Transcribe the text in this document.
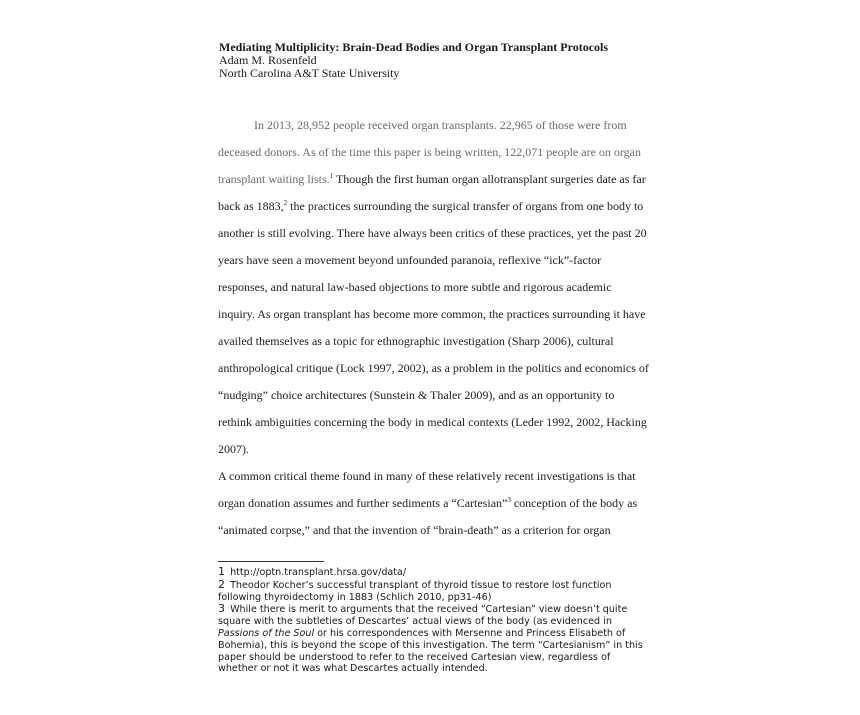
Mediating Multiplicity: Brain-Dead Bodies and Organ Transplant Protocols
Adam M. Rosenfeld
North Carolina A&T State University
In 2013, 28,952 people received organ transplants. 22,965 of those were from
deceased donors. As of the time this paper is being written, 122,071 people are on organ
transplant waiting lists.$^1$ Though the first human organ allotransplant surgeries date as far
back as 1883,$^2$ the practices surrounding the surgical transfer of organs from one body to
another is still evolving. There have always been critics of these practices, yet the past 20
years have seen a movement beyond unfounded paranoia, reflexive “ick”-factor
responses, and natural law-based objections to more subtle and rigorous academic
inquiry. As organ transplant has become more common, the practices surrounding it have
availed themselves as a topic for ethnographic investigation (Sharp 2006), cultural
anthropological critique (Lock 1997, 2002), as a problem in the politics and economics of
“nudging” choice architectures (Sunstein & Thaler 2009), and as an opportunity to
rethink ambiguities concerning the body in medical contexts (Leder 1992, 2002, Hacking
2007).
A common critical theme found in many of these relatively recent investigations is that
organ donation assumes and further sediments a “Cartesian”$^3$ conception of the body as
“animated corpse,” and that the invention of “brain-death” as a criterion for organ
1 http://optn.transplant.hrsa.gov/data/
2 Theodor Kocher’s successful transplant of thyroid tissue to restore lost function following thyroidectomy in 1883 (Schlich 2010, pp31-46)
3 While there is merit to arguments that the received “Cartesian” view doesn’t quite square with the subtleties of Descartes’ actual views of the body (as evidenced in Passions of the Soul or his correspondences with Mersenne and Princess Elisabeth of Bohemia), this is beyond the scope of this investigation. The term “Cartesianism” in this paper should be understood to refer to the received Cartesian view, regardless of whether or not it was what Descartes actually intended.
